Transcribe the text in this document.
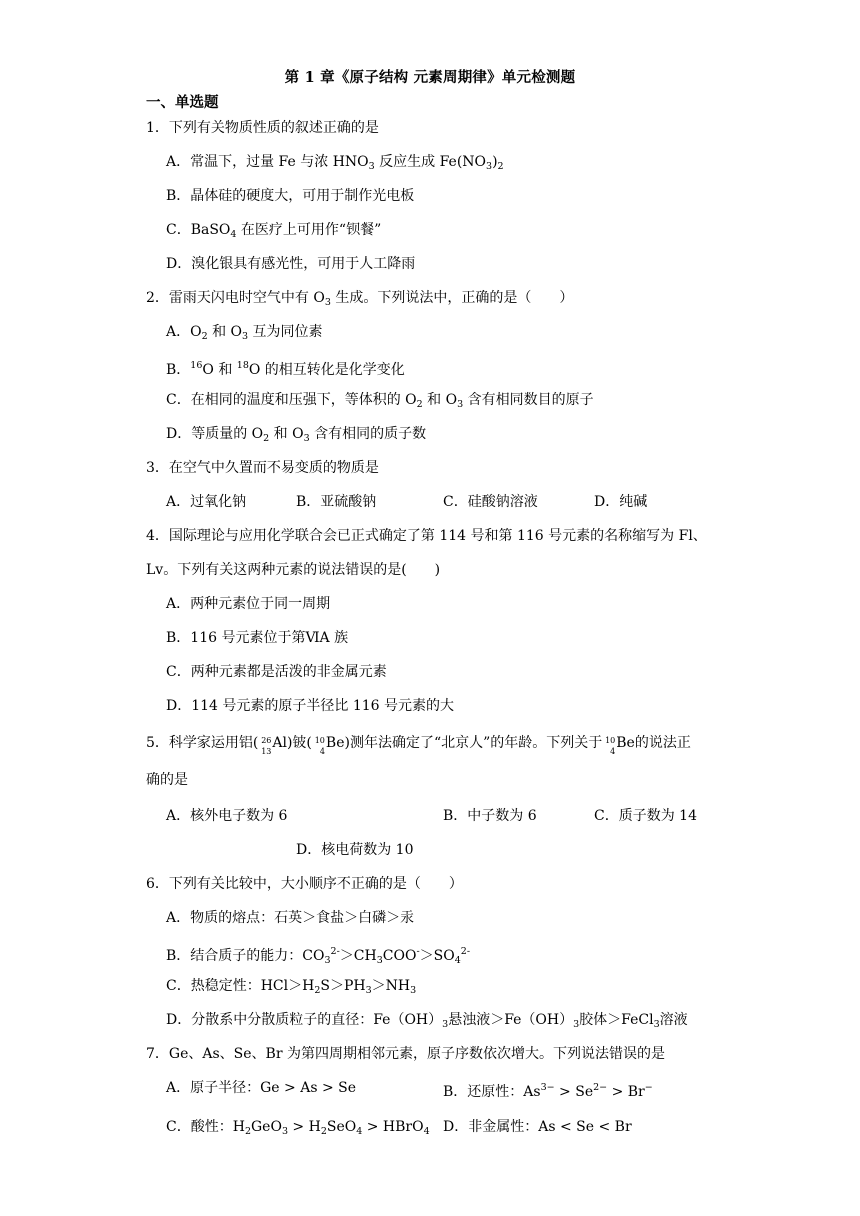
第 1 章《原子结构 元素周期律》单元检测题
一、单选题
1．下列有关物质性质的叙述正确的是
A．常温下，过量 Fe 与浓 $HNO_3$ 反应生成 $Fe(NO_3)_2$
B．晶体硅的硬度大，可用于制作光电板
C．BaSO$_4$ 在医疗上可用作“钡餐”
D．溴化银具有感光性，可用于人工降雨
2．雷雨天闪电时空气中有 $O_3$ 生成。下列说法中，正确的是（　　）
A．$O_2$ 和 $O_3$ 互为同位素
B．$^{16}$O 和 $^{18}$O 的相互转化是化学变化
C．在相同的温度和压强下，等体积的 $O_2$ 和 $O_3$ 含有相同数目的原子
D．等质量的 $O_2$ 和 $O_3$ 含有相同的质子数
3．在空气中久置而不易变质的物质是
A．过氧化钠	B．亚硫酸钠	C．硅酸钠溶液	D．纯碱
4．国际理论与应用化学联合会已正式确定了第 114 号和第 116 号元素的名称缩写为 Fl、
Lv。下列有关这两种元素的说法错误的是(　　)
A．两种元素位于同一周期
B．116 号元素位于第ⅥA 族
C．两种元素都是活泼的非金属元素
D．114 号元素的原子半径比 116 号元素的大
5．科学家运用铝( 26
13
Al)铍( 10
4
Be)测年法确定了“北京人”的年龄。下列关于 10
4
Be的说法正
确的是
A．核外电子数为 6	B．中子数为 6	C．质子数为 14
D．核电荷数为 10
6．下列有关比较中，大小顺序不正确的是（　　）
A．物质的熔点：石英＞食盐＞白磷＞汞
B．结合质子的能力：$CO_3^{2-}>CH_3COO^->SO_4^{2-}$
C．热稳定性：$HCl>H_2S>PH_3>NH_3$
D．分散系中分散质粒子的直径：$Fe(OH)_3$悬浊液$>Fe(OH)_3$胶体＞FeCl$_3$溶液
7．Ge、As、Se、Br 为第四周期相邻元素，原子序数依次增大。下列说法错误的是
A．原子半径：Ge > As > Se	B．还原性：$As^{3-} > Se^{2-} > Br^-$
C．酸性：$H_2GeO_3 > H_2SeO_4$ > HBrO$_4$ D．非金属性：As < Se < Br
